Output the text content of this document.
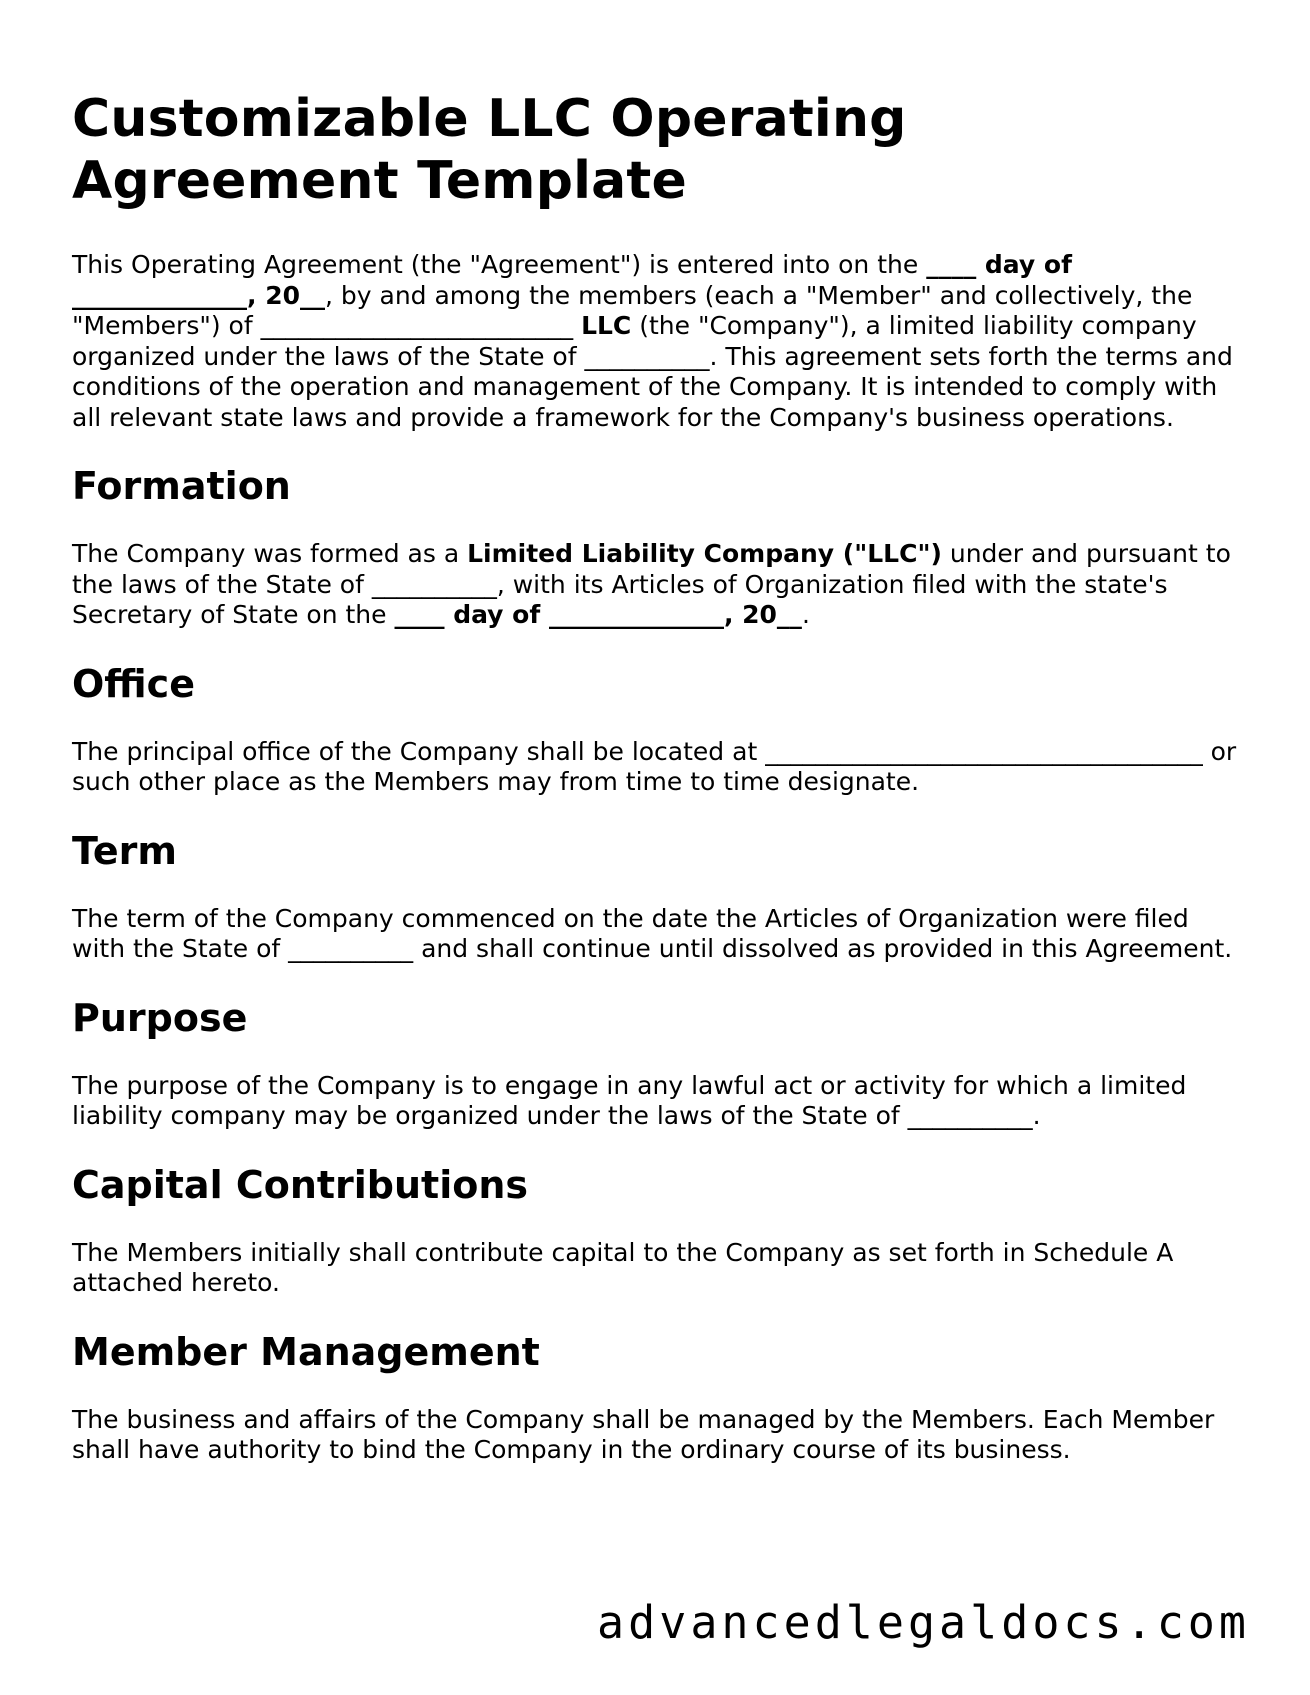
Customizable LLC Operating Agreement Template

This Operating Agreement (the "Agreement") is entered into on the ____ day of ______________, 20__, by and among the members (each a "Member" and collectively, the "Members") of _________________________ LLC (the "Company"), a limited liability company organized under the laws of the State of __________. This agreement sets forth the terms and conditions of the operation and management of the Company. It is intended to comply with all relevant state laws and provide a framework for the Company's business operations.

Formation

The Company was formed as a Limited Liability Company ("LLC") under and pursuant to the laws of the State of __________, with its Articles of Organization filed with the state's Secretary of State on the ____ day of ______________, 20__.

Office

The principal office of the Company shall be located at ___________________________________ or such other place as the Members may from time to time designate.

Term

The term of the Company commenced on the date the Articles of Organization were filed with the State of __________ and shall continue until dissolved as provided in this Agreement.

Purpose

The purpose of the Company is to engage in any lawful act or activity for which a limited liability company may be organized under the laws of the State of __________.

Capital Contributions

The Members initially shall contribute capital to the Company as set forth in Schedule A attached hereto.

Member Management

The business and affairs of the Company shall be managed by the Members. Each Member shall have authority to bind the Company in the ordinary course of its business.

advancedlegaldocs.com
